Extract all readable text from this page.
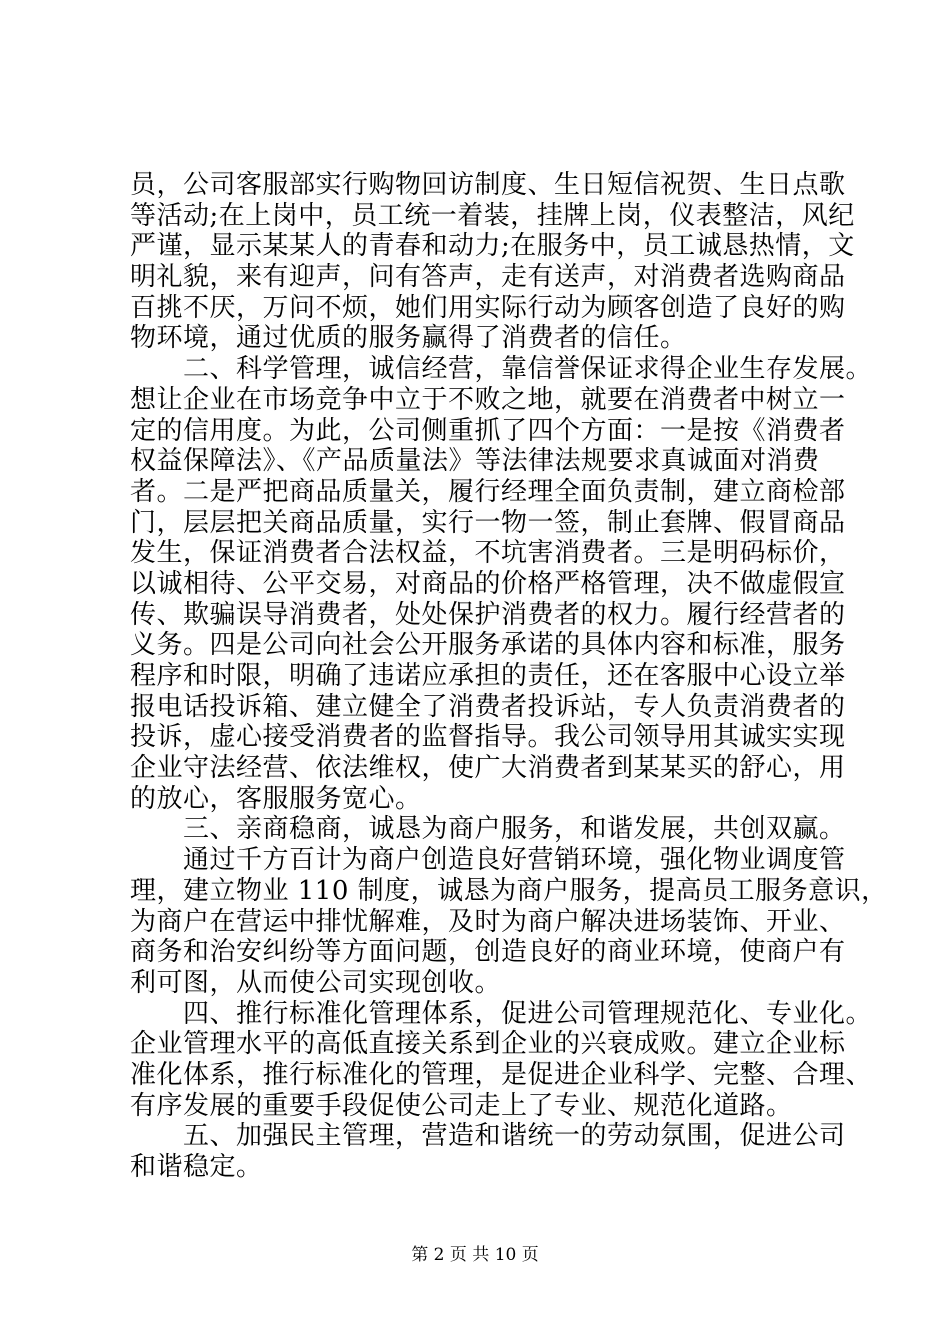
员，公司客服部实行购物回访制度、生日短信祝贺、生日点歌
等活动;在上岗中，员工统一着装，挂牌上岗，仪表整洁，风纪
严谨，显示某某人的青春和动力;在服务中，员工诚恳热情，文
明礼貌，来有迎声，问有答声，走有送声，对消费者选购商品
百挑不厌，万问不烦，她们用实际行动为顾客创造了良好的购
物环境，通过优质的服务赢得了消费者的信任。
　　二、科学管理，诚信经营，靠信誉保证求得企业生存发展。
想让企业在市场竞争中立于不败之地，就要在消费者中树立一
定的信用度。为此，公司侧重抓了四个方面：一是按《消费者
权益保障法》、《产品质量法》等法律法规要求真诚面对消费
者。二是严把商品质量关，履行经理全面负责制，建立商检部
门，层层把关商品质量，实行一物一签，制止套牌、假冒商品
发生，保证消费者合法权益，不坑害消费者。三是明码标价，
以诚相待、公平交易，对商品的价格严格管理，决不做虚假宣
传、欺骗误导消费者，处处保护消费者的权力。履行经营者的
义务。四是公司向社会公开服务承诺的具体内容和标准，服务
程序和时限，明确了违诺应承担的责任，还在客服中心设立举
报电话投诉箱、建立健全了消费者投诉站，专人负责消费者的
投诉，虚心接受消费者的监督指导。我公司领导用其诚实实现
企业守法经营、依法维权，使广大消费者到某某买的舒心，用
的放心，客服服务宽心。
　　三、亲商稳商，诚恳为商户服务，和谐发展，共创双赢。
　　通过千方百计为商户创造良好营销环境，强化物业调度管
理，建立物业 110 制度，诚恳为商户服务，提高员工服务意识，
为商户在营运中排忧解难，及时为商户解决进场装饰、开业、
商务和治安纠纷等方面问题，创造良好的商业环境，使商户有
利可图，从而使公司实现创收。
　　四、推行标准化管理体系，促进公司管理规范化、专业化。
企业管理水平的高低直接关系到企业的兴衰成败。建立企业标
准化体系，推行标准化的管理，是促进企业科学、完整、合理、
有序发展的重要手段促使公司走上了专业、规范化道路。
　　五、加强民主管理，营造和谐统一的劳动氛围，促进公司
和谐稳定。
第 2 页 共 10 页
